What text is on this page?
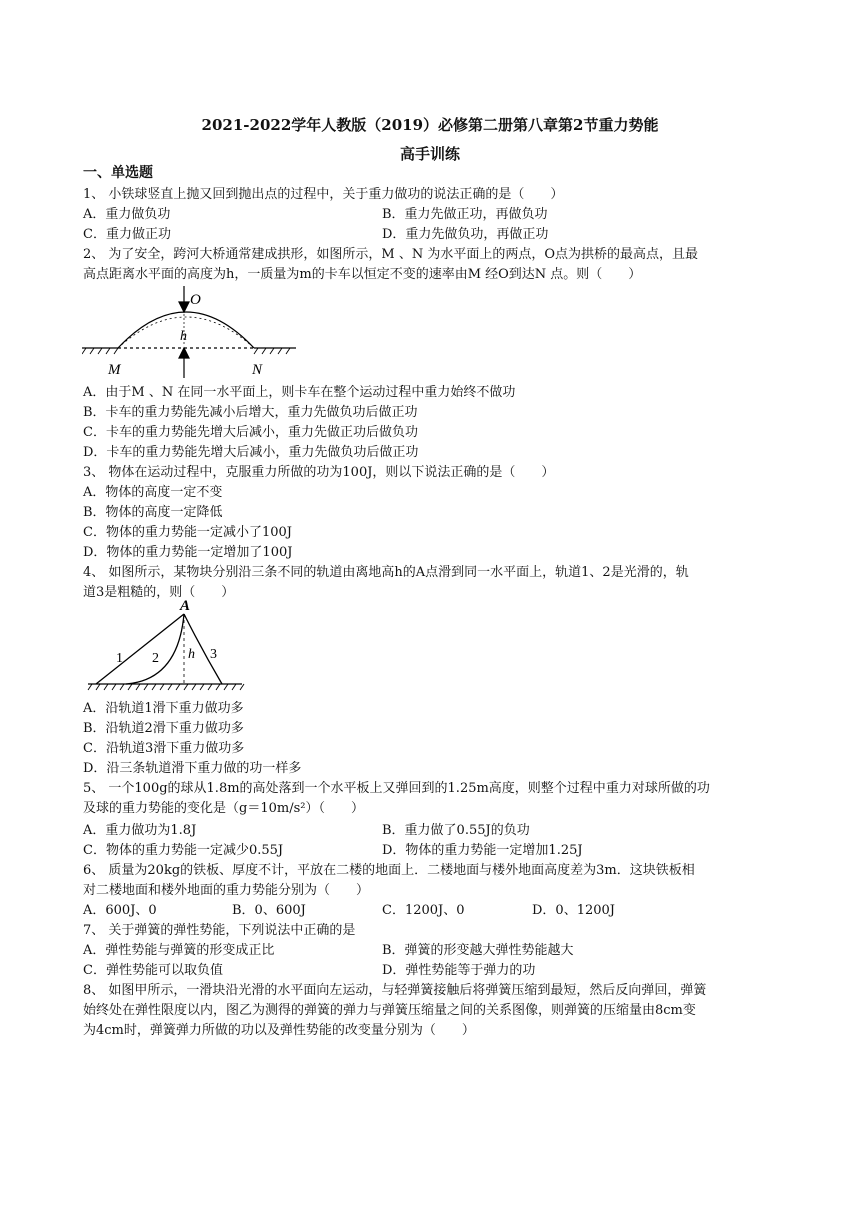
2021-2022学年人教版（2019）必修第二册第八章第2节重力势能
高手训练
一、单选题
1、 小铁球竖直上抛又回到抛出点的过程中，关于重力做功的说法正确的是（　　）
A．重力做负功	B．重力先做正功，再做负功
C．重力做正功	D．重力先做负功，再做正功
2、 为了安全，跨河大桥通常建成拱形，如图所示，M 、N 为水平面上的两点，O点为拱桥的最高点，且最
高点距离水平面的高度为h，一质量为m的卡车以恒定不变的速率由M 经O到达N 点。则（　　）
O
h
M	N
A．由于M 、N 在同一水平面上，则卡车在整个运动过程中重力始终不做功
B．卡车的重力势能先减小后增大，重力先做负功后做正功
C．卡车的重力势能先增大后减小，重力先做正功后做负功
D．卡车的重力势能先增大后减小，重力先做负功后做正功
3、 物体在运动过程中，克服重力所做的功为100J，则以下说法正确的是（　　）
A．物体的高度一定不变
B．物体的高度一定降低
C．物体的重力势能一定减小了100J
D．物体的重力势能一定增加了100J
4、 如图所示，某物块分别沿三条不同的轨道由离地高h的A点滑到同一水平面上，轨道1、2是光滑的，轨
道3是粗糙的，则（　　）
A
1 2 h 3
A．沿轨道1滑下重力做功多
B．沿轨道2滑下重力做功多
C．沿轨道3滑下重力做功多
D．沿三条轨道滑下重力做的功一样多
5、 一个100g的球从1.8m的高处落到一个水平板上又弹回到的1.25m高度，则整个过程中重力对球所做的功
及球的重力势能的变化是（g＝10m/s²）（　　）
A．重力做功为1.8J	B．重力做了0.55J的负功
C．物体的重力势能一定减少0.55J	D．物体的重力势能一定增加1.25J
6、 质量为20kg的铁板、厚度不计，平放在二楼的地面上．二楼地面与楼外地面高度差为3m．这块铁板相
对二楼地面和楼外地面的重力势能分别为（　　）
A．600J、0	B．0、600J	C．1200J、0	D．0、1200J
7、 关于弹簧的弹性势能，下列说法中正确的是
A．弹性势能与弹簧的形变成正比	B．弹簧的形变越大弹性势能越大
C．弹性势能可以取负值	D．弹性势能等于弹力的功
8、 如图甲所示，一滑块沿光滑的水平面向左运动，与轻弹簧接触后将弹簧压缩到最短，然后反向弹回，弹簧
始终处在弹性限度以内，图乙为测得的弹簧的弹力与弹簧压缩量之间的关系图像，则弹簧的压缩量由8cm变
为4cm时，弹簧弹力所做的功以及弹性势能的改变量分别为（　　）
